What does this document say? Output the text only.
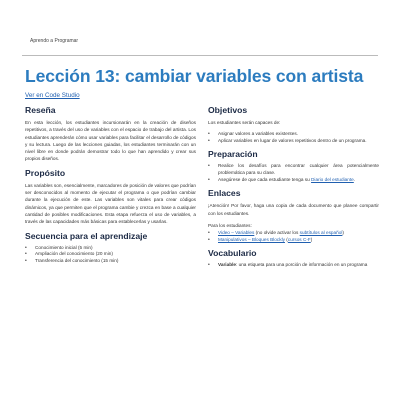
Aprendo a Programar
Lección 13: cambiar variables con artista
Ver en Code Studio
Reseña

En esta lección, los estudiantes incursionarán en la creación de diseños repetitivos, a través del uso de variables con el espacio de trabajo del artista. Los estudiantes aprenderán cómo usar variables para facilitar el desarrollo de códigos y su lectura. Luego de las lecciones guiadas, los estudiantes terminarán con un nivel libre en donde podrán demostrar todo lo que han aprendido y crear sus propios diseños.

Propósito

Las variables son, esencialmente, marcadores de posición de valores que podrían ser desconocidos al momento de ejecutar el programa o que podrían cambiar durante la ejecución de este. Las variables son vitales para crear códigos dinámicos, ya que permiten que el programa cambie y crezca en base a cualquier cantidad de posibles modificaciones. Esta etapa refuerza el uso de variables, a través de las capacidades más básicas para establecerlas y usarlas.

Secuencia para el aprendizaje
• Conocimiento inicial (5 min)
• Ampliación del conocimiento (20 min)
• Transferencia del conocimiento (15 min)
Objetivos

Los estudiantes serán capaces de:

• Asignar valores a variables existentes.
• Aplicar variables en lugar de valores repetitivos dentro de un programa.
Preparación
• Realice los desafíos para encontrar cualquier área potencialmente problemática para su clase.
• Asegúrese de que cada estudiante tenga su Diario del estudiante.
Enlaces

¡Atención! Por favor, haga una copia de cada documento que planee compartir con los estudiantes.

Para los estudiantes:

• Video – Variables (no olvide activar los subtítulos al español)
• Manipulativos – Bloques Blockly (cursos C-F)
Vocabulario
• Variable: una etiqueta para una porción de información en un programa
